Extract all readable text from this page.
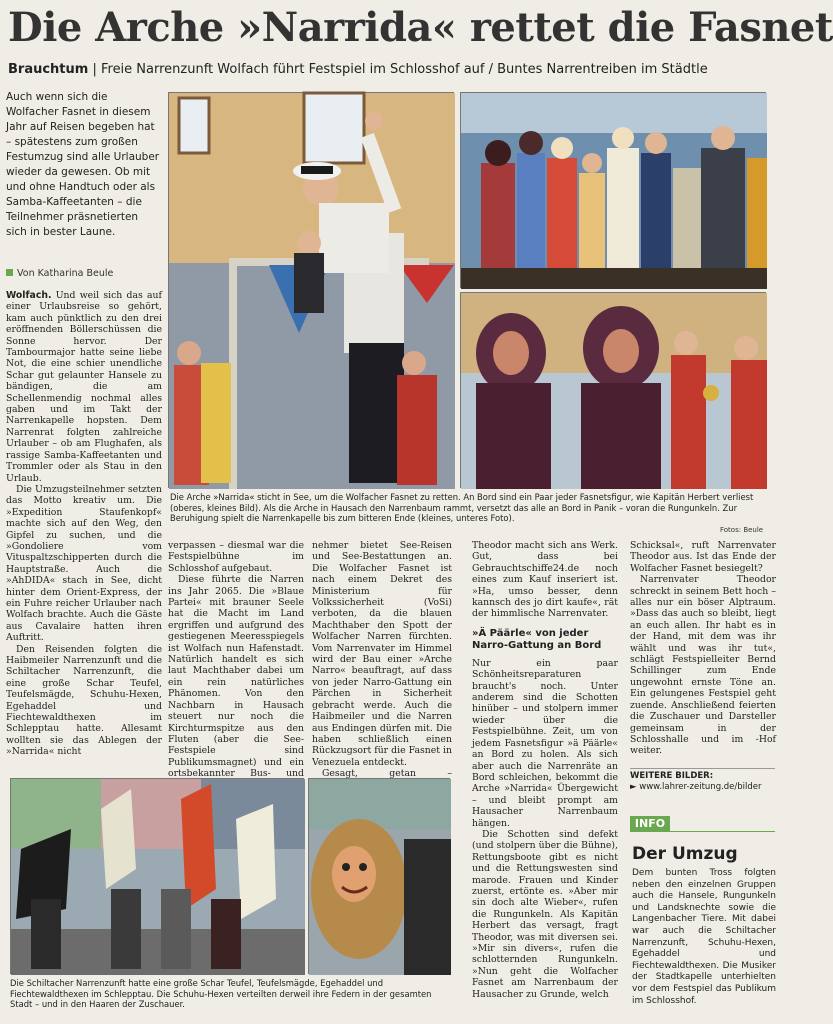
Die Arche »Narrida« rettet die Fasnet
Brauchtum | Freie Narrenzunft Wolfach führt Festspiel im Schlosshof auf / Buntes Narrentreiben im Städtle
Auch wenn sich die Wolfacher Fasnet in diesem Jahr auf Reisen begeben hat – spätestens zum großen Festumzug sind alle Urlauber wieder da gewesen. Ob mit und ohne Handtuch oder als Samba-Kaffeetanten – die Teilnehmer präsnetierten sich in bester Laune.
Von Katharina Beule

Wolfach. Und weil sich das auf einer Urlaubsreise so gehört, kam auch pünktlich zu den drei eröffnenden Böllerschüssen die Sonne hervor. Der Tambourmajor hatte seine liebe Not, die eine schier unendliche Schar gut gelaunter Hansele zu bändigen, die am Schellenmendig nochmal alles gaben und im Takt der Narrenkapelle hopsten. Dem Narrenrat folgten zahlreiche Urlauber – ob am Flughafen, als rassige Samba-Kaffeetanten und Trommler oder als Stau in den Urlaub.

Die Umzugsteilnehmer setzten das Motto kreativ um. Die »Expedition Staufenkopf« machte sich auf den Weg, den Gipfel zu suchen, und die »Gondoliere vom Vituspaltzschipperten durch die Hauptstraße. Auch die »AhDIDA« stach in See, dicht hinter dem Orient-Express, der ein Fuhre reicher Urlauber nach Wolfach brachte. Auch die Gäste aus Cavalaire hatten ihren Auftritt.

Den Reisenden folgten die Haibmeiler Narrenzunft und die Schiltacher Narrenzunft, die eine große Schar Teufel, Teufelsmägde, Schuhu-Hexen, Egehaddel und Fiechtewaldthexen im Schlepptau hatte. Allesamt wollten sie das Ablegen der »Narrida« nicht

verpassen – diesmal war die Festspielbühne im Schlosshof aufgebaut.

Diese führte die Narren ins Jahr 2065. Die »Blaue Partei« mit brauner Seele hat die Macht im Land ergriffen und aufgrund des gestiegenen Meeresspiegels ist Wolfach nun Hafenstadt. Natürlich handelt es sich laut Machthaber dabei um ein rein natürliches Phänomen. Von den Nachbarn in Hausach steuert nur noch die Kirchturmspitze aus den Fluten (aber die See-Festspiele sind Publikumsmagnet) und ein ortsbekannter Bus- und

nehmer bietet See-Reisen und See-Bestattungen an. Die Wolfacher Fasnet ist nach einem Dekret des Ministerium für Volkssicherheit (VoSi) verboten, da die blauen Machthaber den Spott der Wolfacher Narren fürchten. Vom Narrenvater im Himmel wird der Bau einer »Arche Narro« beauftragt, auf dass von jeder Narro-Gattung ein Pärchen in Sicherheit gebracht werde. Auch die Haibmeiler und die Narren aus Endingen dürfen mit. Die haben schließlich einen Rückzugsort für die Fasnet in Venezuela entdeckt.

Gesagt, getan –

Theodor macht sich ans Werk. Gut, dass bei Gebrauchtschiffe24.de noch eines zum Kauf inseriert ist. »Ha, umso besser, denn kannsch des jo dirt kaufe«, rät der himmlische Narrenvater.

»Ä Päärle« von jeder Narro-Gattung an Bord

Nur ein paar Schönheitsreparaturen braucht's noch. Unter anderem sind die Schotten hinüber – und stolpern immer wieder über die Festspielbühne. Zeit, um von jedem Fasnetsfigur »ä Päärle« an Bord zu holen. Als sich aber auch die Narrenräte an Bord schleichen, bekommt die Arche »Narrida« Übergewicht – und bleibt prompt am Hausacher Narrenbaum hängen.

Die Schotten sind defekt (und stolpern über die Bühne), Rettungsboote gibt es nicht und die Rettungswesten sind marode. Frauen und Kinder zuerst, ertönte es. »Aber mir sin doch alte Wieber«, rufen die Rungunkeln. Als Kapitän Herbert das versagt, fragt Theodor, was mit diversen sei. »Mir sin divers«, rufen die schlotternden Rungunkeln. »Nun geht die Wolfacher Fasnet am Narrenbaum der Hausacher zu Grunde, welch

Schicksal«, ruft Narrenvater Theodor aus. Ist das Ende der Wolfacher Fasnet besiegelt?

Narrenvater Theodor schreckt in seinem Bett hoch – alles nur ein böser Alptraum. »Dass das auch so bleibt, liegt an euch allen. Ihr habt es in der Hand, mit dem was ihr wählt und was ihr tut«, schlägt Festspielleiter Bernd Schillinger zum Ende ungewohnt ernste Töne an. Ein gelungenes Festspiel geht zuende. Anschließend feierten die Zuschauer und Darsteller gemeinsam in der Schlosshalle und im -Hof weiter.

WEITERE BILDER:
► www.lahrer-zeitung.de/bilder
INFO
Der Umzug
Dem bunten Tross folgten neben den einzelnen Gruppen auch die Hansele, Rungunkeln und Landsknechte sowie die Langenbacher Tiere. Mit dabei war auch die Schiltacher Narrenzunft, Schuhu-Hexen, Egehaddel und Fiechtewaldthexen. Die Musiker der Stadtkapelle unterhielten vor dem Festspiel das Publikum im Schlosshof.
Die Arche »Narrida« sticht in See, um die Wolfacher Fasnet zu retten. An Bord sind ein Paar jeder Fasnetsfigur, wie Kapitän Herbert verliest (oberes, kleines Bild). Als die Arche in Hausach den Narrenbaum rammt, versetzt das alle an Bord in Panik – voran die Rungunkeln. Zur Beruhigung spielt die Narrenkapelle bis zum bitteren Ende (kleines, unteres Foto).
Fotos: Beule
Die Schiltacher Narrenzunft hatte eine große Schar Teufel, Teufelsmägde, Egehaddel und Fiechtewaldthexen im Schlepptau. Die Schuhu-Hexen verteilten derweil ihre Federn in der gesamten Stadt – und in den Haaren der Zuschauer.
